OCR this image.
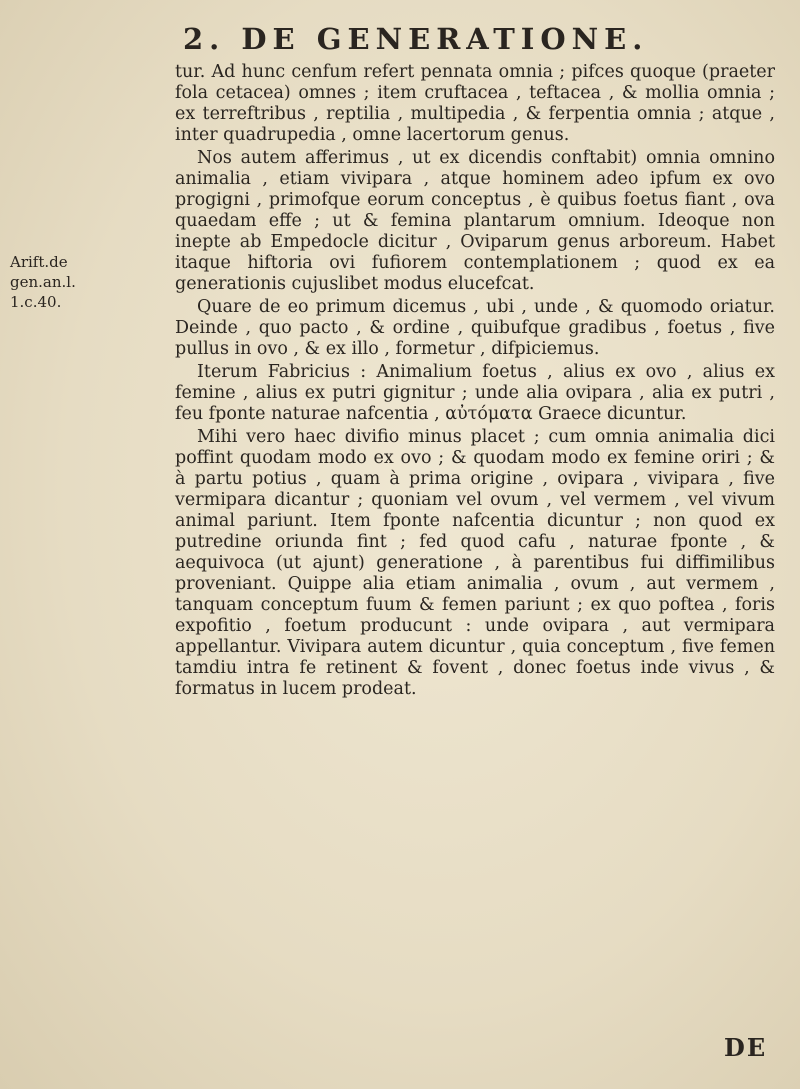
2. DE GENERATIONE.
Arift.de
gen.an.l.
1.c.40.

tur. Ad hunc cenfum refert pennata omnia ; pifces quoque (praeter fola cetacea) omnes ; item cruftacea , teftacea , & mollia omnia ; ex terreftribus , reptilia , multipedia , & ferpentia omnia ; atque , inter quadrupedia , omne lacertorum genus.

Nos autem afferimus , ut ex dicendis conftabit) omnia omnino animalia , etiam vivipara , atque hominem adeo ipfum ex ovo progigni , primofque eorum conceptus , è quibus foetus fiant , ova quaedam effe ; ut & femina plantarum omnium. Ideoque non inepte ab Empedocle dicitur , Oviparum genus arboreum. Habet itaque hiftoria ovi fufiorem contemplationem ; quod ex ea generationis cujuslibet modus elucefcat.

Quare de eo primum dicemus , ubi , unde , & quomodo oriatur. Deinde , quo pacto , & ordine , quibufque gradibus , foetus , five pullus in ovo , & ex illo , formetur , difpiciemus.

Iterum Fabricius : Animalium foetus , alius ex ovo , alius ex femine , alius ex putri gignitur ; unde alia ovipara , alia ex putri , feu fponte naturae nafcentia , αὐτόματα Graece dicuntur.

Mihi vero haec divifio minus placet ; cum omnia animalia dici poffint quodam modo ex ovo ; & quodam modo ex femine oriri ; & à partu potius , quam à prima origine , ovipara , vivipara , five vermipara dicantur ; quoniam vel ovum , vel vermem , vel vivum animal pariunt. Item fponte nafcentia dicuntur ; non quod ex putredine oriunda fint ; fed quod cafu , naturae fponte , & aequivoca (ut ajunt) generatione , à parentibus fui diffimilibus proveniant. Quippe alia etiam animalia , ovum , aut vermem , tanquam conceptum fuum & femen pariunt ; ex quo poftea , foris expofitio , foetum producunt : unde ovipara , aut vermipara appellantur. Vivipara autem dicuntur , quia conceptum , five femen tamdiu intra fe retinent & fovent , donec foetus inde vivus , & formatus in lucem prodeat.

DE
